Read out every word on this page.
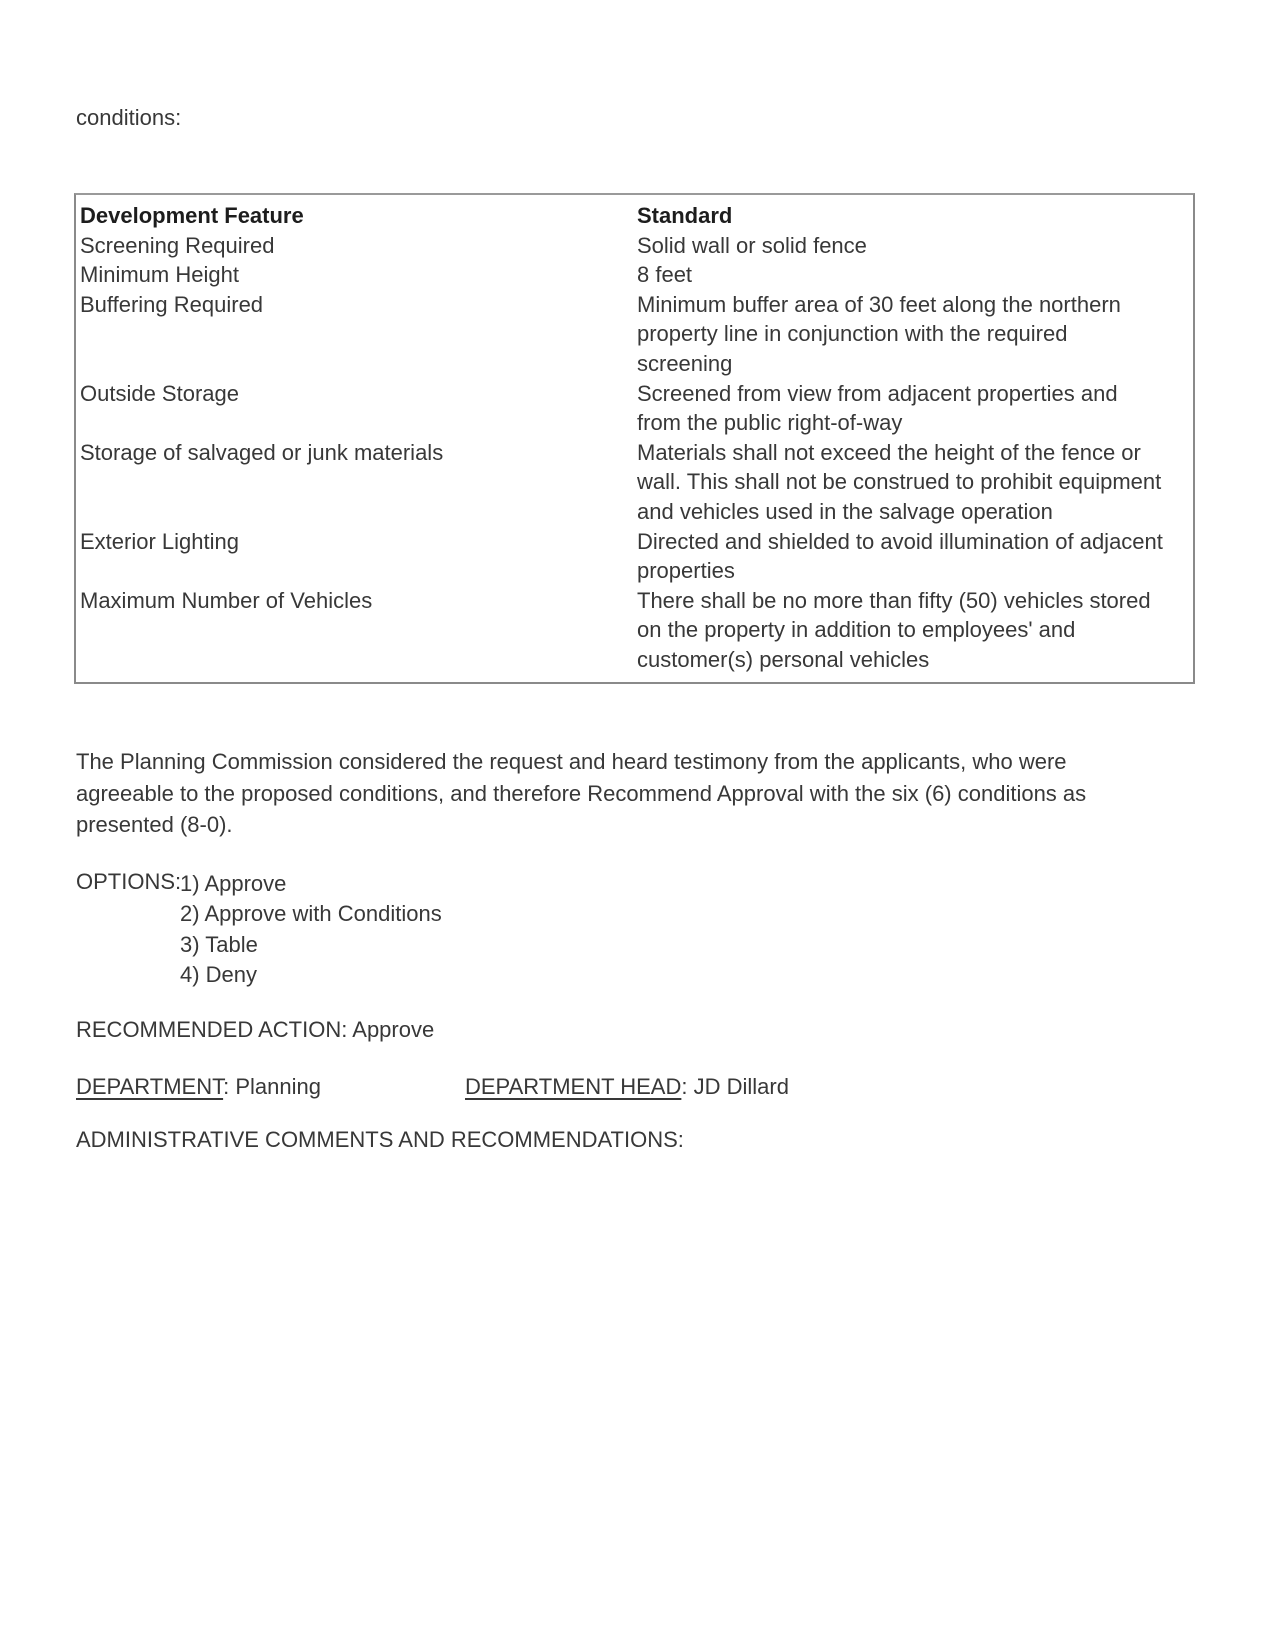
conditions:
Development Feature	Standard
Screening Required	Solid wall or solid fence
Minimum Height	8 feet
Buffering Required	Minimum buffer area of 30 feet along the northern
property line in conjunction with the required
screening
Outside Storage	Screened from view from adjacent properties and
from the public right-of-way
Storage of salvaged or junk materials	Materials shall not exceed the height of the fence or
wall. This shall not be construed to prohibit equipment
and vehicles used in the salvage operation
Exterior Lighting	Directed and shielded to avoid illumination of adjacent
properties
Maximum Number of Vehicles	There shall be no more than fifty (50) vehicles stored
on the property in addition to employees' and
customer(s) personal vehicles
The Planning Commission considered the request and heard testimony from the applicants, who were
agreeable to the proposed conditions, and therefore Recommend Approval with the six (6) conditions as
presented (8-0).
OPTIONS:
1) Approve
2) Approve with Conditions
3) Table
4) Deny
RECOMMENDED ACTION: Approve
DEPARTMENT: Planning	DEPARTMENT HEAD: JD Dillard
ADMINISTRATIVE COMMENTS AND RECOMMENDATIONS:
